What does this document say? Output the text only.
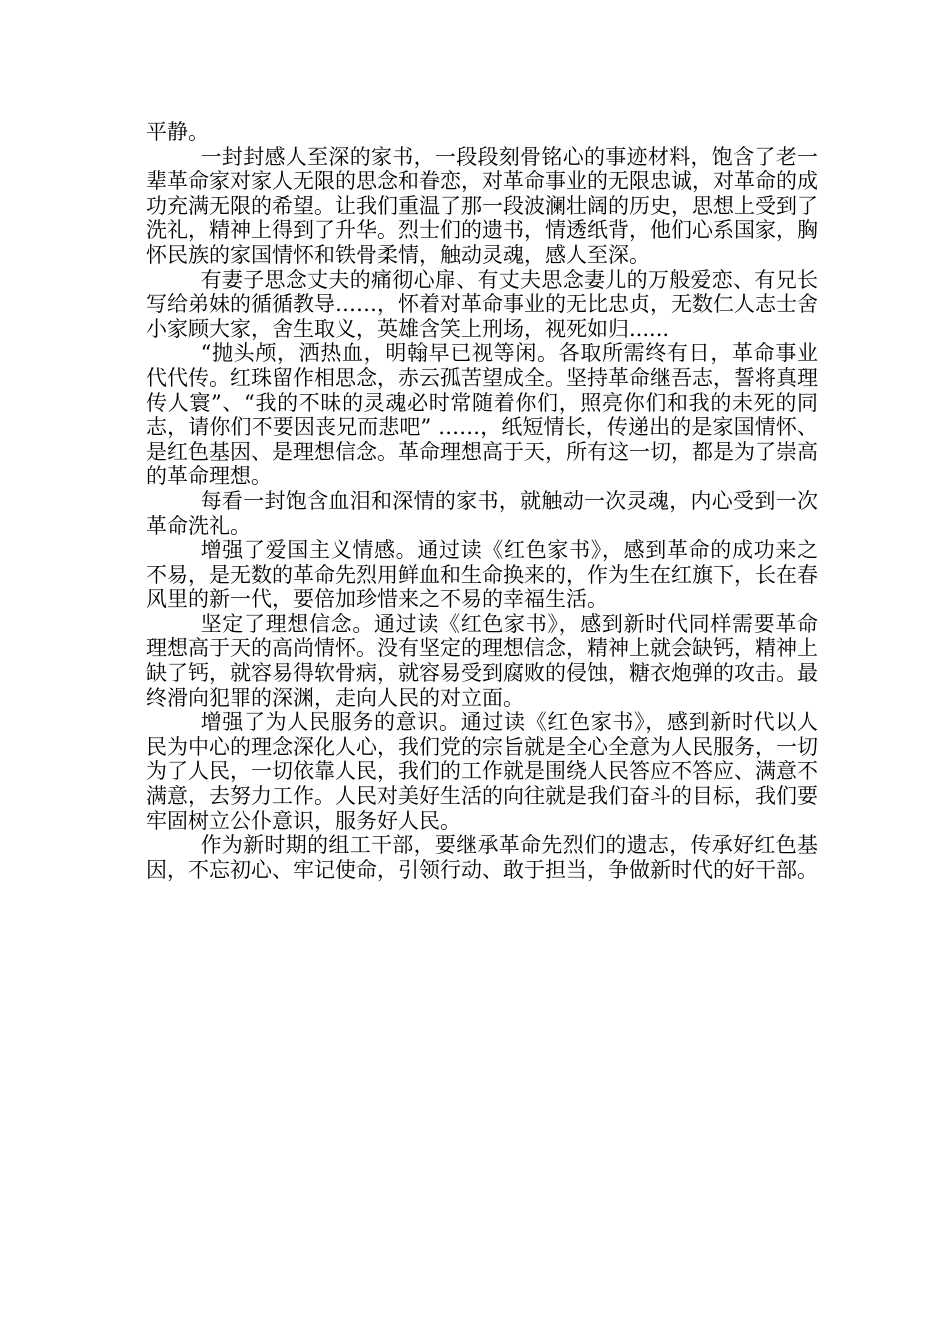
平静。

一封封感人至深的家书，一段段刻骨铭心的事迹材料，饱含了老一辈革命家对家人无限的思念和眷恋，对革命事业的无限忠诚，对革命的成功充满无限的希望。让我们重温了那一段波澜壮阔的历史，思想上受到了洗礼，精神上得到了升华。烈士们的遗书，情透纸背，他们心系国家，胸怀民族的家国情怀和铁骨柔情，触动灵魂，感人至深。

有妻子思念丈夫的痛彻心扉、有丈夫思念妻儿的万般爱恋、有兄长写给弟妹的循循教导……，怀着对革命事业的无比忠贞，无数仁人志士舍小家顾大家，舍生取义，英雄含笑上刑场，视死如归......

“抛头颅，洒热血，明翰早已视等闲。各取所需终有日，革命事业代代传。红珠留作相思念，赤云孤苦望成全。坚持革命继吾志，誓将真理传人寰”、“我的不昧的灵魂必时常随着你们，照亮你们和我的未死的同志，请你们不要因丧兄而悲吧” ……，纸短情长，传递出的是家国情怀、是红色基因、是理想信念。革命理想高于天，所有这一切，都是为了崇高的革命理想。

每看一封饱含血泪和深情的家书，就触动一次灵魂，内心受到一次革命洗礼。

增强了爱国主义情感。通过读《红色家书》，感到革命的成功来之不易，是无数的革命先烈用鲜血和生命换来的，作为生在红旗下，长在春风里的新一代，要倍加珍惜来之不易的幸福生活。

坚定了理想信念。通过读《红色家书》，感到新时代同样需要革命理想高于天的高尚情怀。没有坚定的理想信念，精神上就会缺钙，精神上缺了钙，就容易得软骨病，就容易受到腐败的侵蚀，糖衣炮弹的攻击。最终滑向犯罪的深渊，走向人民的对立面。

增强了为人民服务的意识。通过读《红色家书》，感到新时代以人民为中心的理念深化人心，我们党的宗旨就是全心全意为人民服务，一切为了人民，一切依靠人民，我们的工作就是围绕人民答应不答应、满意不满意，去努力工作。人民对美好生活的向往就是我们奋斗的目标，我们要牢固树立公仆意识，服务好人民。

作为新时期的组工干部，要继承革命先烈们的遗志，传承好红色基因，不忘初心、牢记使命，引领行动、敢于担当，争做新时代的好干部。
